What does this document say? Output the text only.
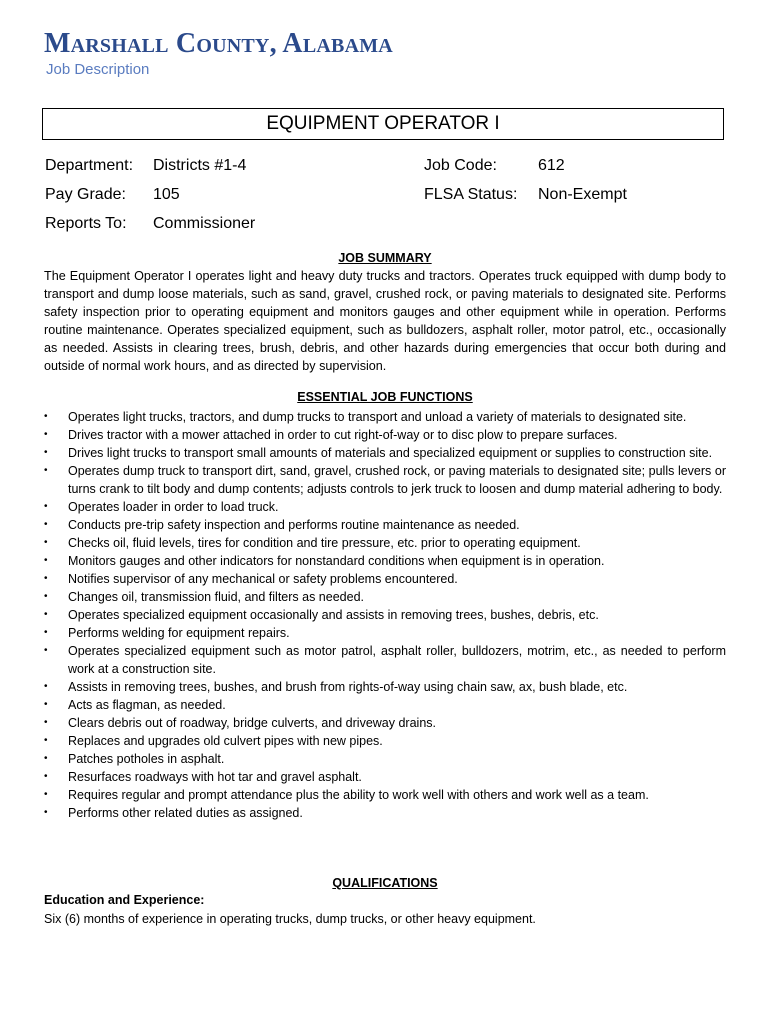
Marshall County, Alabama
Job Description
EQUIPMENT OPERATOR I
Department: Districts #1-4	Job Code:	612
Pay Grade: 105	FLSA Status: Non-Exempt
Reports To: Commissioner
JOB SUMMARY

The Equipment Operator I operates light and heavy duty trucks and tractors. Operates truck equipped with dump body to transport and dump loose materials, such as sand, gravel, crushed rock, or paving materials to designated site. Performs safety inspection prior to operating equipment and monitors gauges and other equipment while in operation. Performs routine maintenance. Operates specialized equipment, such as bulldozers, asphalt roller, motor patrol, etc., occasionally as needed. Assists in clearing trees, brush, debris, and other hazards during emergencies that occur both during and outside of normal work hours, and as directed by supervision.

ESSENTIAL JOB FUNCTIONS
• Operates light trucks, tractors, and dump trucks to transport and unload a variety of materials to designated site.
• Drives tractor with a mower attached in order to cut right-of-way or to disc plow to prepare surfaces.
• Drives light trucks to transport small amounts of materials and specialized equipment or supplies to construction site.
• Operates dump truck to transport dirt, sand, gravel, crushed rock, or paving materials to designated site; pulls levers or turns crank to tilt body and dump contents; adjusts controls to jerk truck to loosen and dump material adhering to body.
• Operates loader in order to load truck.
• Conducts pre-trip safety inspection and performs routine maintenance as needed.
• Checks oil, fluid levels, tires for condition and tire pressure, etc. prior to operating equipment.
• Monitors gauges and other indicators for nonstandard conditions when equipment is in operation.
• Notifies supervisor of any mechanical or safety problems encountered.
• Changes oil, transmission fluid, and filters as needed.
• Operates specialized equipment occasionally and assists in removing trees, bushes, debris, etc.
• Performs welding for equipment repairs.
• Operates specialized equipment such as motor patrol, asphalt roller, bulldozers, motrim, etc., as needed to perform work at a construction site.
• Assists in removing trees, bushes, and brush from rights-of-way using chain saw, ax, bush blade, etc.
• Acts as flagman, as needed.
• Clears debris out of roadway, bridge culverts, and driveway drains.
• Replaces and upgrades old culvert pipes with new pipes.
• Patches potholes in asphalt.
• Resurfaces roadways with hot tar and gravel asphalt.
• Requires regular and prompt attendance plus the ability to work well with others and work well as a team.
• Performs other related duties as assigned.
QUALIFICATIONS
Education and Experience:
Six (6) months of experience in operating trucks, dump trucks, or other heavy equipment.
